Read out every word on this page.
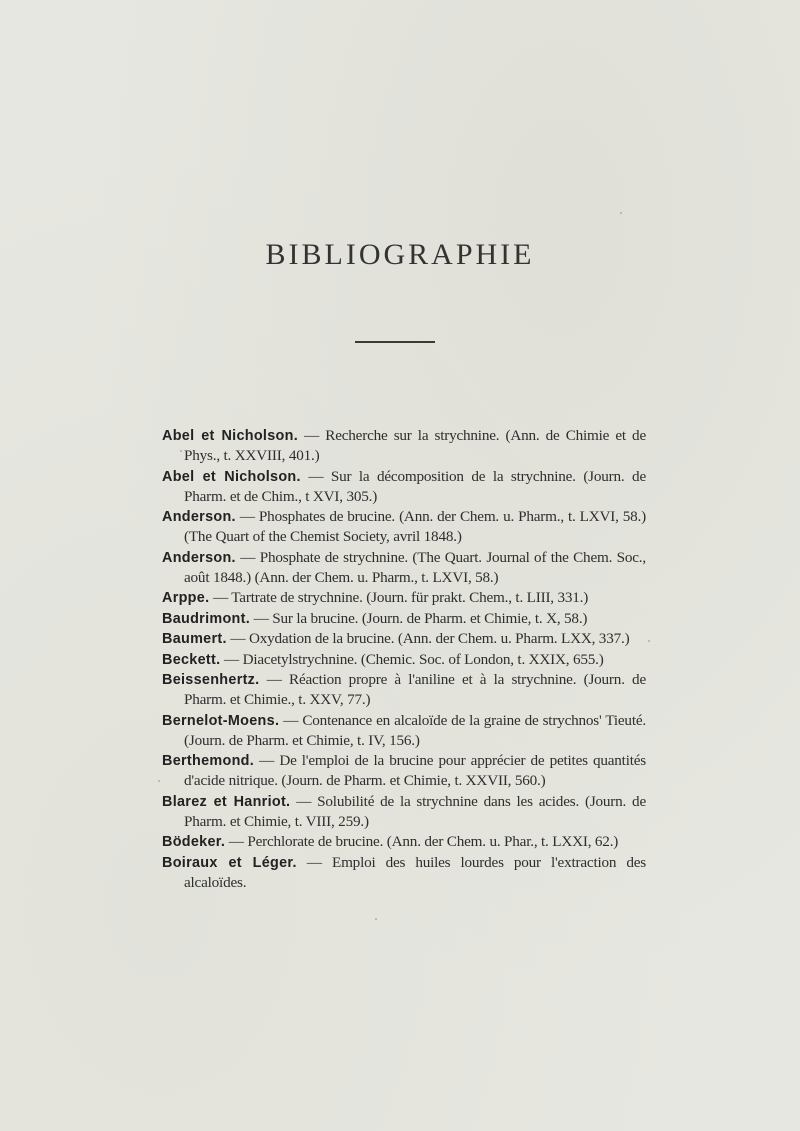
BIBLIOGRAPHIE
Abel et Nicholson. — Recherche sur la strychnine. (Ann. de Chimie et de Phys., t. XXVIII, 401.)
Abel et Nicholson. — Sur la décomposition de la strychnine. (Journ. de Pharm. et de Chim., t XVI, 305.)
Anderson. — Phosphates de brucine. (Ann. der Chem. u. Pharm., t. LXVI, 58.) (The Quart of the Chemist Society, avril 1848.)
Anderson. — Phosphate de strychnine. (The Quart. Journal of the Chem. Soc., août 1848.) (Ann. der Chem. u. Pharm., t. LXVI, 58.)
Arppe. — Tartrate de strychnine. (Journ. für prakt. Chem., t. LIII, 331.)
Baudrimont. — Sur la brucine. (Journ. de Pharm. et Chimie, t. X, 58.)
Baumert. — Oxydation de la brucine. (Ann. der Chem. u. Pharm. LXX, 337.)
Beckett. — Diacetylstrychnine. (Chemic. Soc. of London, t. XXIX, 655.)
Beissenhertz. — Réaction propre à l'aniline et à la strychnine. (Journ. de Pharm. et Chimie., t. XXV, 77.)
Bernelot-Moens. — Contenance en alcaloïde de la graine de strychnos' Tieuté. (Journ. de Pharm. et Chimie, t. IV, 156.)
Berthemond. — De l'emploi de la brucine pour apprécier de petites quantités d'acide nitrique. (Journ. de Pharm. et Chimie, t. XXVII, 560.)
Blarez et Hanriot. — Solubilité de la strychnine dans les acides. (Journ. de Pharm. et Chimie, t. VIII, 259.)
Bödeker. — Perchlorate de brucine. (Ann. der Chem. u. Phar., t. LXXI, 62.)
Boiraux et Léger. — Emploi des huiles lourdes pour l'extraction des alcaloïdes.
